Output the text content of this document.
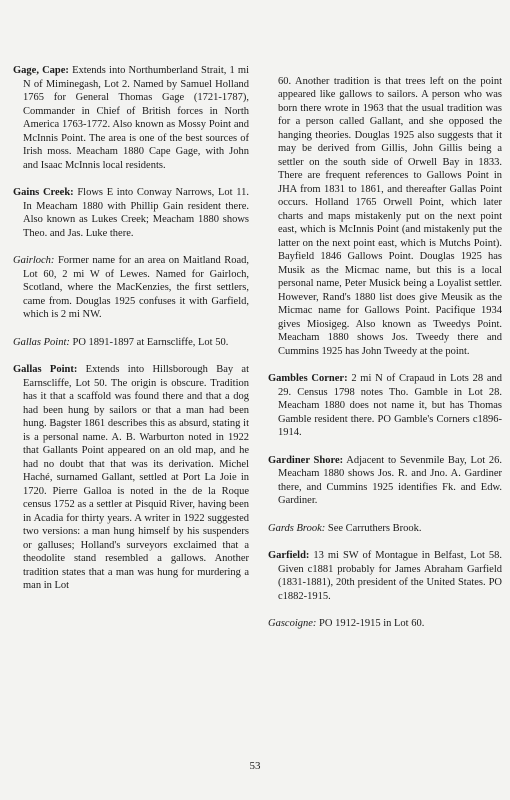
Gage, Cape: Extends into Northumberland Strait, 1 mi N of Miminegash, Lot 2. Named by Samuel Holland 1765 for General Thomas Gage (1721-1787), Commander in Chief of British forces in North America 1763-1772. Also known as Mossy Point and McInnis Point. The area is one of the best sources of Irish moss. Meacham 1880 Cape Gage, with John and Isaac McInnis local residents.

Gains Creek: Flows E into Conway Narrows, Lot 11. In Meacham 1880 with Phillip Gain resident there. Also known as Lukes Creek; Meacham 1880 shows Theo. and Jas. Luke there.

Gairloch: Former name for an area on Maitland Road, Lot 60, 2 mi W of Lewes. Named for Gairloch, Scotland, where the MacKenzies, the first settlers, came from. Douglas 1925 confuses it with Garfield, which is 2 mi NW.

Gallas Point: PO 1891-1897 at Earnscliffe, Lot 50.

Gallas Point: Extends into Hillsborough Bay at Earnscliffe, Lot 50. The origin is obscure. Tradition has it that a scaffold was found there and that a dog had been hung by sailors or that a man had been hung. Bagster 1861 describes this as absurd, stating it is a personal name. A. B. Warburton noted in 1922 that Gallants Point appeared on an old map, and he had no doubt that that was its derivation. Michel Haché, surnamed Gallant, settled at Port La Joie in 1720. Pierre Galloa is noted in the de la Roque census 1752 as a settler at Pisquid River, having been in Acadia for thirty years. A writer in 1922 suggested two versions: a man hung himself by his suspenders or galluses; Holland's surveyors exclaimed that a theodolite stand resembled a gallows. Another tradition states that a man was hung for murdering a man in Lot

60. Another tradition is that trees left on the point appeared like gallows to sailors. A person who was born there wrote in 1963 that the usual tradition was for a person called Gallant, and she opposed the hanging theories. Douglas 1925 also suggests that it may be derived from Gillis, John Gillis being a settler on the south side of Orwell Bay in 1833. There are frequent references to Gallows Point in JHA from 1831 to 1861, and thereafter Gallas Point occurs. Holland 1765 Orwell Point, which later charts and maps mistakenly put on the next point east, which is McInnis Point (and mistakenly put the latter on the next point east, which is Mutchs Point). Bayfield 1846 Gallows Point. Douglas 1925 has Musik as the Micmac name, but this is a local personal name, Peter Musick being a Loyalist settler. However, Rand's 1880 list does give Meusik as the Micmac name for Gallows Point. Pacifique 1934 gives Miosigeg. Also known as Tweedys Point. Meacham 1880 shows Jos. Tweedy there and Cummins 1925 has John Tweedy at the point.

Gambles Corner: 2 mi N of Crapaud in Lots 28 and 29. Census 1798 notes Tho. Gamble in Lot 28. Meacham 1880 does not name it, but has Thomas Gamble resident there. PO Gamble's Corners c1896-1914.

Gardiner Shore: Adjacent to Sevenmile Bay, Lot 26. Meacham 1880 shows Jos. R. and Jno. A. Gardiner there, and Cummins 1925 identifies Fk. and Edw. Gardiner.

Gards Brook: See Carruthers Brook.

Garfield: 13 mi SW of Montague in Belfast, Lot 58. Given c1881 probably for James Abraham Garfield (1831-1881), 20th president of the United States. PO c1882-1915.

Gascoigne: PO 1912-1915 in Lot 60.

53
